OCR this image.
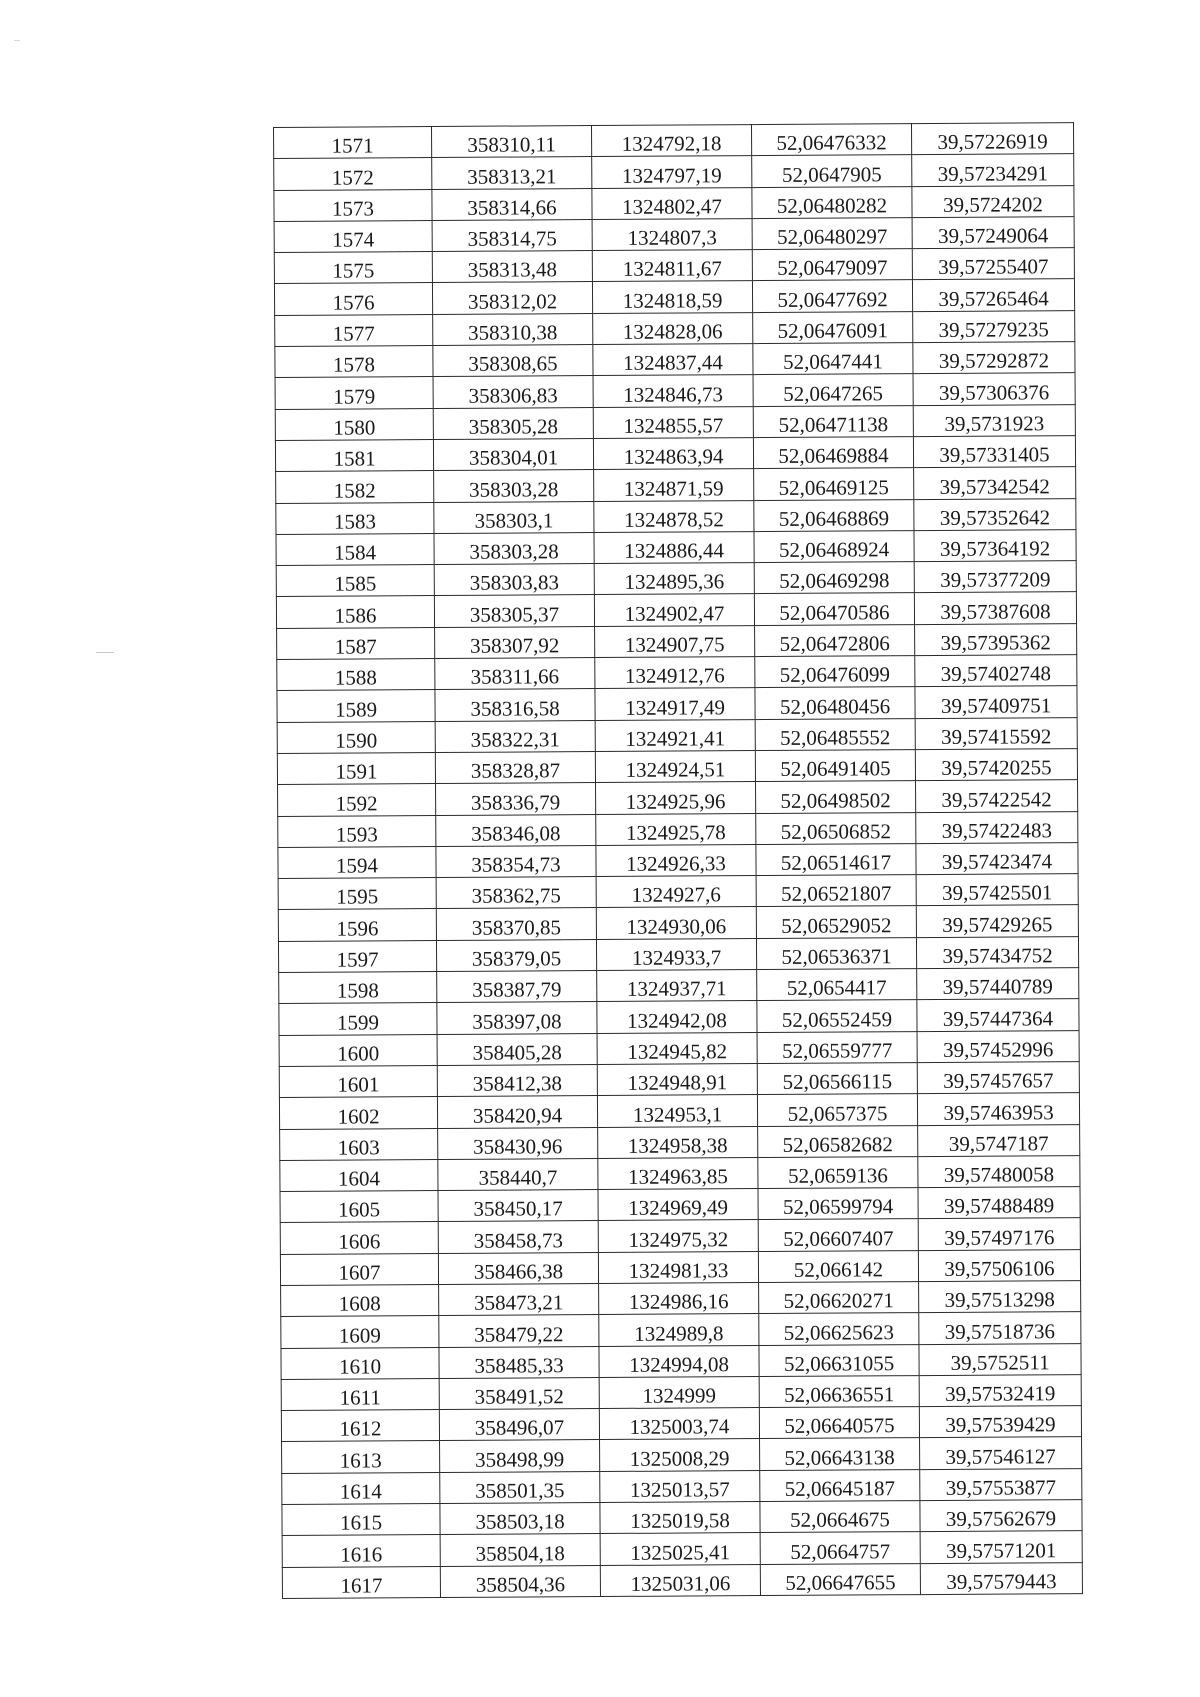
1571	358310,11	1324792,18	52,06476332	39,57226919
1572	358313,21	1324797,19	52,0647905	39,57234291
1573	358314,66	1324802,47	52,06480282	39,5724202
1574	358314,75	1324807,3	52,06480297	39,57249064
1575	358313,48	1324811,67	52,06479097	39,57255407
1576	358312,02	1324818,59	52,06477692	39,57265464
1577	358310,38	1324828,06	52,06476091	39,57279235
1578	358308,65	1324837,44	52,0647441	39,57292872
1579	358306,83	1324846,73	52,0647265	39,57306376
1580	358305,28	1324855,57	52,06471138	39,5731923
1581	358304,01	1324863,94	52,06469884	39,57331405
1582	358303,28	1324871,59	52,06469125	39,57342542
1583	358303,1	1324878,52	52,06468869	39,57352642
1584	358303,28	1324886,44	52,06468924	39,57364192
1585	358303,83	1324895,36	52,06469298	39,57377209
1586	358305,37	1324902,47	52,06470586	39,57387608
1587	358307,92	1324907,75	52,06472806	39,57395362
1588	358311,66	1324912,76	52,06476099	39,57402748
1589	358316,58	1324917,49	52,06480456	39,57409751
1590	358322,31	1324921,41	52,06485552	39,57415592
1591	358328,87	1324924,51	52,06491405	39,57420255
1592	358336,79	1324925,96	52,06498502	39,57422542
1593	358346,08	1324925,78	52,06506852	39,57422483
1594	358354,73	1324926,33	52,06514617	39,57423474
1595	358362,75	1324927,6	52,06521807	39,57425501
1596	358370,85	1324930,06	52,06529052	39,57429265
1597	358379,05	1324933,7	52,06536371	39,57434752
1598	358387,79	1324937,71	52,0654417	39,57440789
1599	358397,08	1324942,08	52,06552459	39,57447364
1600	358405,28	1324945,82	52,06559777	39,57452996
1601	358412,38	1324948,91	52,06566115	39,57457657
1602	358420,94	1324953,1	52,0657375	39,57463953
1603	358430,96	1324958,38	52,06582682	39,5747187
1604	358440,7	1324963,85	52,0659136	39,57480058
1605	358450,17	1324969,49	52,06599794	39,57488489
1606	358458,73	1324975,32	52,06607407	39,57497176
1607	358466,38	1324981,33	52,066142	39,57506106
1608	358473,21	1324986,16	52,06620271	39,57513298
1609	358479,22	1324989,8	52,06625623	39,57518736
1610	358485,33	1324994,08	52,06631055	39,5752511
1611	358491,52	1324999	52,06636551	39,57532419
1612	358496,07	1325003,74	52,06640575	39,57539429
1613	358498,99	1325008,29	52,06643138	39,57546127
1614	358501,35	1325013,57	52,06645187	39,57553877
1615	358503,18	1325019,58	52,0664675	39,57562679
1616	358504,18	1325025,41	52,0664757	39,57571201
1617	358504,36	1325031,06	52,06647655	39,57579443
